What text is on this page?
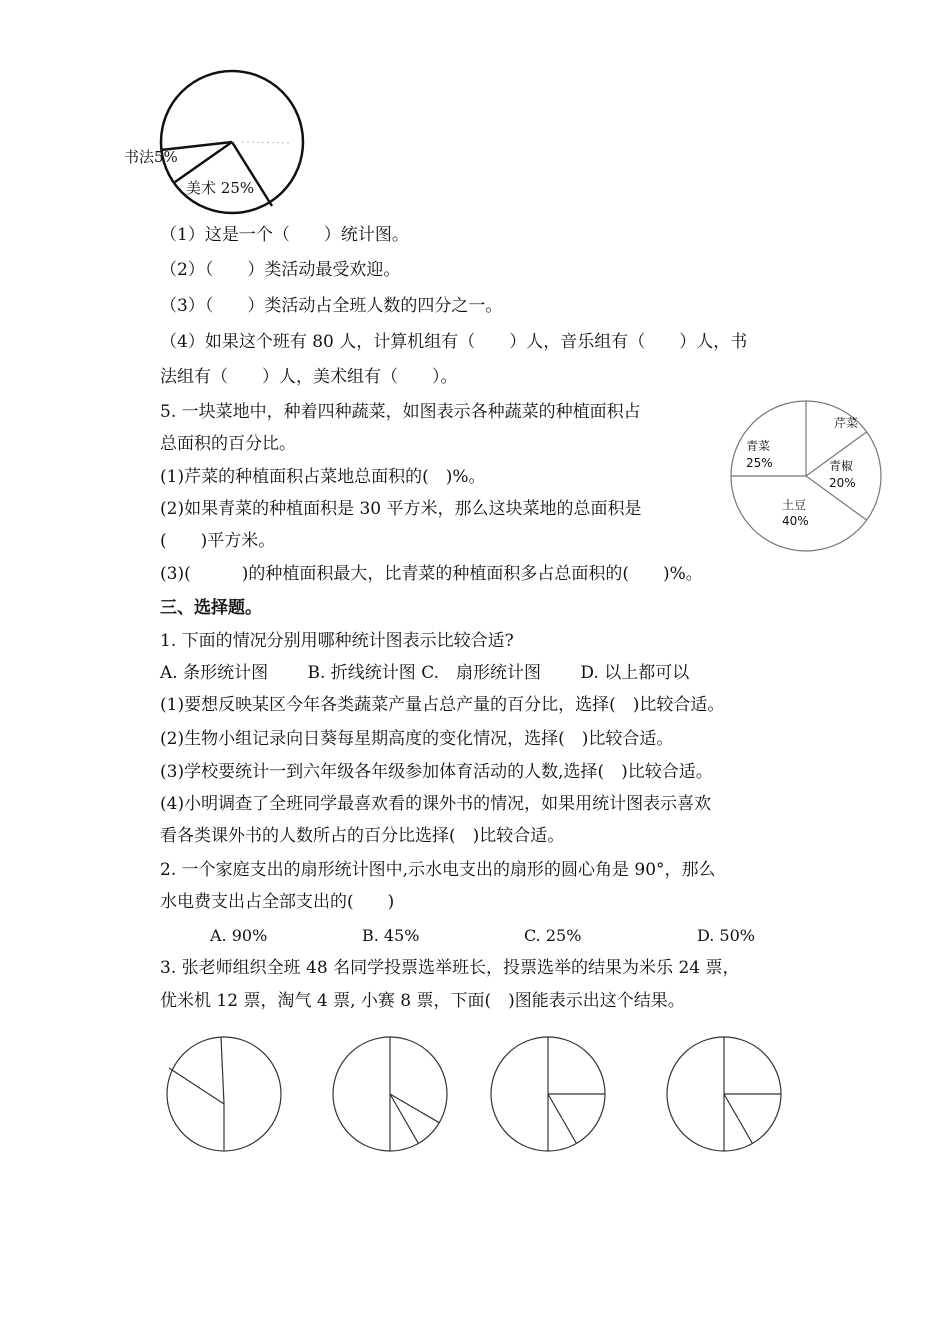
书法5%
美术 25%
（1）这是一个（　　）统计图。
（2）（　　）类活动最受欢迎。
（3）（　　）类活动占全班人数的四分之一。
（4）如果这个班有 80 人，计算机组有（　　）人，音乐组有（　　）人，书
法组有（　　）人，美术组有（　　）。
5. 一块菜地中，种着四种蔬菜，如图表示各种蔬菜的种植面积占
总面积的百分比。
(1)芹菜的种植面积占菜地总面积的(　)%。
(2)如果青菜的种植面积是 30 平方米，那么这块菜地的总面积是
(　　)平方米。
(3)(　　　)的种植面积最大，比青菜的种植面积多占总面积的(　　)%。
芹菜
青椒
20%
土豆
40%
青菜
25%
三、选择题。
1. 下面的情况分别用哪种统计图表示比较合适?
A. 条形统计图　　 B. 折线统计图 C.　扇形统计图　　 D. 以上都可以
(1)要想反映某区今年各类蔬菜产量占总产量的百分比，选择(　)比较合适。
(2)生物小组记录向日葵每星期高度的变化情况，选择(　)比较合适。
(3)学校要统计一到六年级各年级参加体育活动的人数,选择(　)比较合适。
(4)小明调查了全班同学最喜欢看的课外书的情况，如果用统计图表示喜欢
看各类课外书的人数所占的百分比选择(　)比较合适。
2. 一个家庭支出的扇形统计图中,示水电支出的扇形的圆心角是 90°，那么
水电费支出占全部支出的(　　)
A. 90%	B. 45%	C. 25%	D. 50%
3. 张老师组织全班 48 名同学投票选举班长，投票选举的结果为米乐 24 票，
优米机 12 票，淘气 4 票, 小赛 8 票，下面(　)图能表示出这个结果。
